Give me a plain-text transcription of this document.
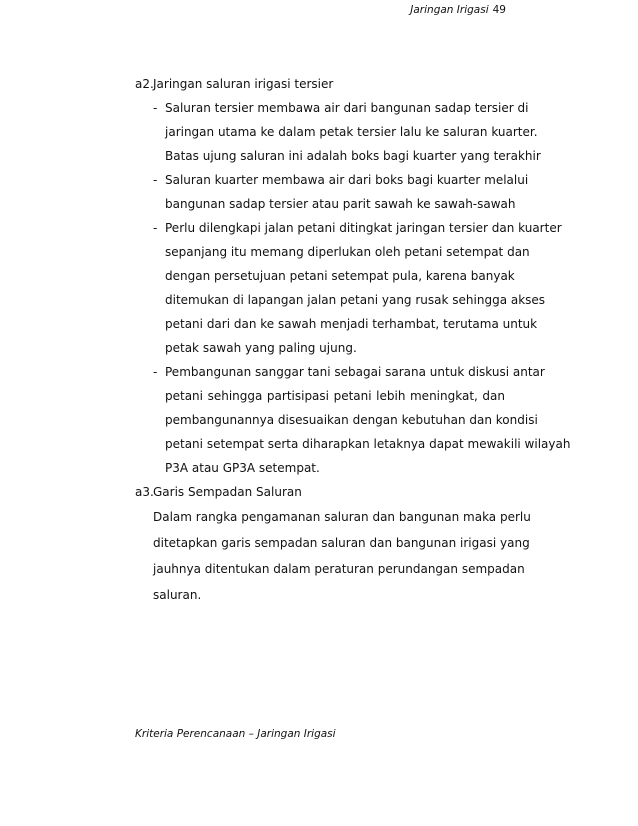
Jaringan Irigasi 49
a2. Jaringan saluran irigasi tersier
- Saluran tersier membawa air dari bangunan sadap tersier di
jaringan utama ke dalam petak tersier lalu ke saluran kuarter.
Batas ujung saluran ini adalah boks bagi kuarter yang terakhir
- Saluran kuarter membawa air dari boks bagi kuarter melalui
bangunan sadap tersier atau parit sawah ke sawah-sawah
- Perlu dilengkapi jalan petani ditingkat jaringan tersier dan kuarter
sepanjang itu memang diperlukan oleh petani setempat dan
dengan persetujuan petani setempat pula, karena banyak
ditemukan di lapangan jalan petani yang rusak sehingga akses
petani dari dan ke sawah menjadi terhambat, terutama untuk
petak sawah yang paling ujung.
- Pembangunan sanggar tani sebagai sarana untuk diskusi antar
petani sehingga partisipasi petani lebih meningkat, dan
pembangunannya disesuaikan dengan kebutuhan dan kondisi
petani setempat serta diharapkan letaknya dapat mewakili wilayah
P3A atau GP3A setempat.
a3. Garis Sempadan Saluran
Dalam rangka pengamanan saluran dan bangunan maka perlu
ditetapkan garis sempadan saluran dan bangunan irigasi yang
jauhnya ditentukan dalam peraturan perundangan sempadan
saluran.
Kriteria Perencanaan – Jaringan Irigasi
